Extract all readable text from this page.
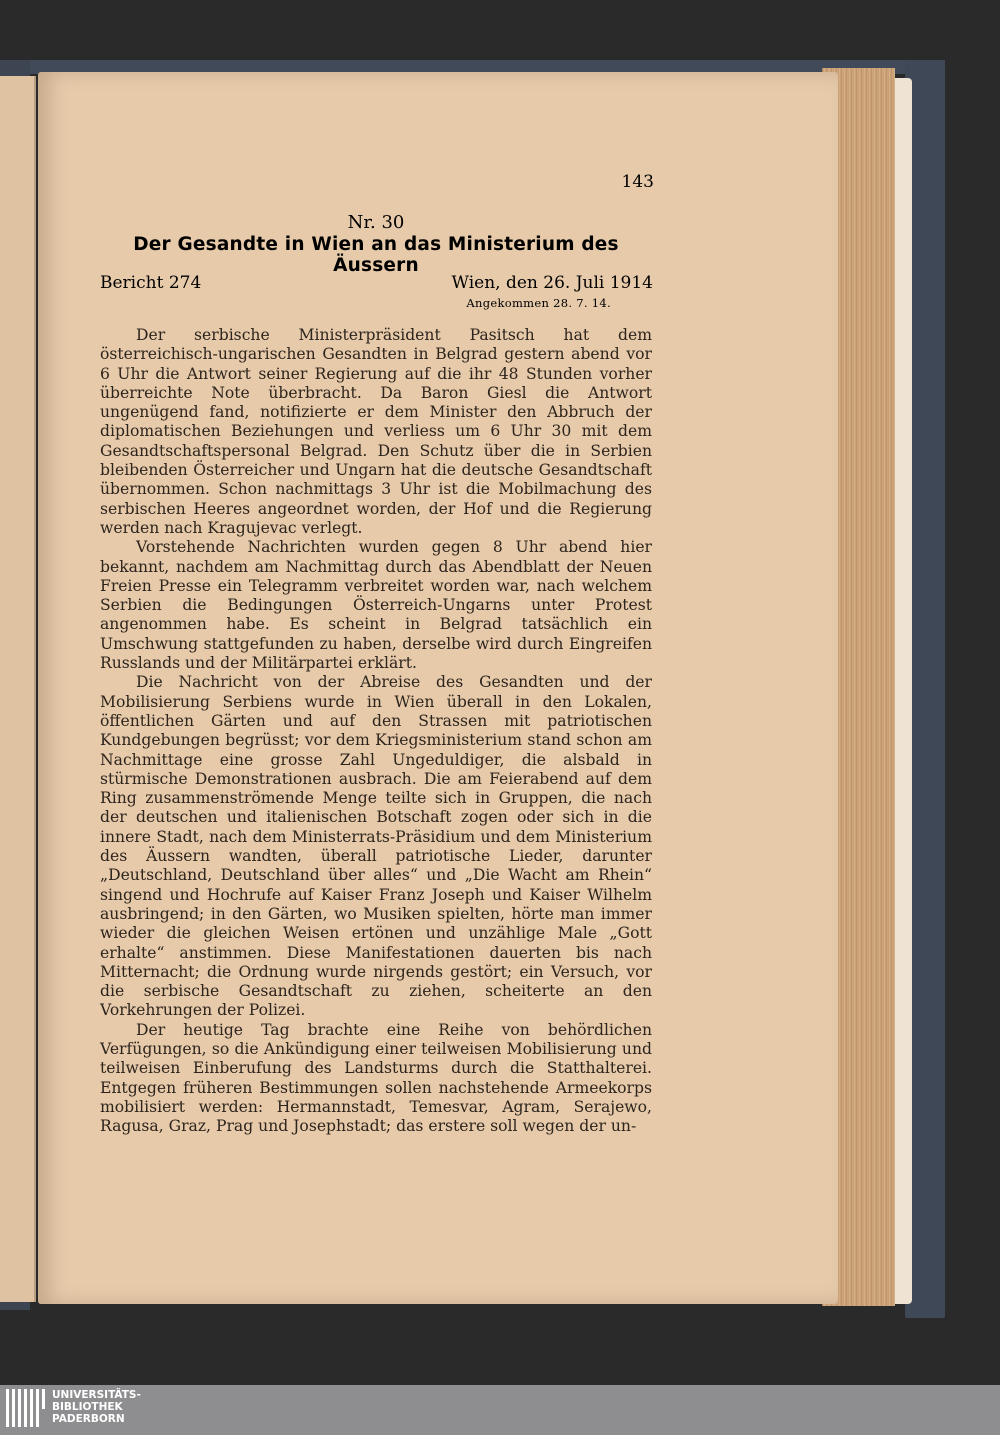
143
Nr. 30
Der Gesandte in Wien an das Ministerium des Äussern
Bericht 274	Wien, den 26. Juli 1914
Angekommen 28. 7. 14.

Der serbische Ministerpräsident Pasitsch hat dem österreichisch-ungarischen Gesandten in Belgrad gestern abend vor 6 Uhr die Antwort seiner Regierung auf die ihr 48 Stunden vorher überreichte Note überbracht. Da Baron Giesl die Antwort ungenügend fand, notifizierte er dem Minister den Abbruch der diplomatischen Beziehungen und verliess um 6 Uhr 30 mit dem Gesandtschaftspersonal Belgrad. Den Schutz über die in Serbien bleibenden Österreicher und Ungarn hat die deutsche Gesandtschaft übernommen. Schon nachmittags 3 Uhr ist die Mobilmachung des serbischen Heeres angeordnet worden, der Hof und die Regierung werden nach Kragujevac verlegt.

Vorstehende Nachrichten wurden gegen 8 Uhr abend hier bekannt, nachdem am Nachmittag durch das Abendblatt der Neuen Freien Presse ein Telegramm verbreitet worden war, nach welchem Serbien die Bedingungen Österreich-Ungarns unter Protest angenommen habe. Es scheint in Belgrad tatsächlich ein Umschwung stattgefunden zu haben, derselbe wird durch Eingreifen Russlands und der Militärpartei erklärt.

Die Nachricht von der Abreise des Gesandten und der Mobilisierung Serbiens wurde in Wien überall in den Lokalen, öffentlichen Gärten und auf den Strassen mit patriotischen Kundgebungen begrüsst; vor dem Kriegsministerium stand schon am Nachmittage eine grosse Zahl Ungeduldiger, die alsbald in stürmische Demonstrationen ausbrach. Die am Feierabend auf dem Ring zusammenströmende Menge teilte sich in Gruppen, die nach der deutschen und italienischen Botschaft zogen oder sich in die innere Stadt, nach dem Ministerrats-Präsidium und dem Ministerium des Äussern wandten, überall patriotische Lieder, darunter „Deutschland, Deutschland über alles“ und „Die Wacht am Rhein“ singend und Hochrufe auf Kaiser Franz Joseph und Kaiser Wilhelm ausbringend; in den Gärten, wo Musiken spielten, hörte man immer wieder die gleichen Weisen ertönen und unzählige Male „Gott erhalte“ anstimmen. Diese Manifestationen dauerten bis nach Mitternacht; die Ordnung wurde nirgends gestört; ein Versuch, vor die serbische Gesandtschaft zu ziehen, scheiterte an den Vorkehrungen der Polizei.

Der heutige Tag brachte eine Reihe von behördlichen Verfügungen, so die Ankündigung einer teilweisen Mobilisierung und teilweisen Einberufung des Landsturms durch die Statthalterei. Entgegen früheren Bestimmungen sollen nachstehende Armeekorps mobilisiert werden: Hermannstadt, Temesvar, Agram, Serajewo, Ragusa, Graz, Prag und Josephstadt; das erstere soll wegen der un-

UNIVERSITÄTS-
BIBLIOTHEK
PADERBORN
